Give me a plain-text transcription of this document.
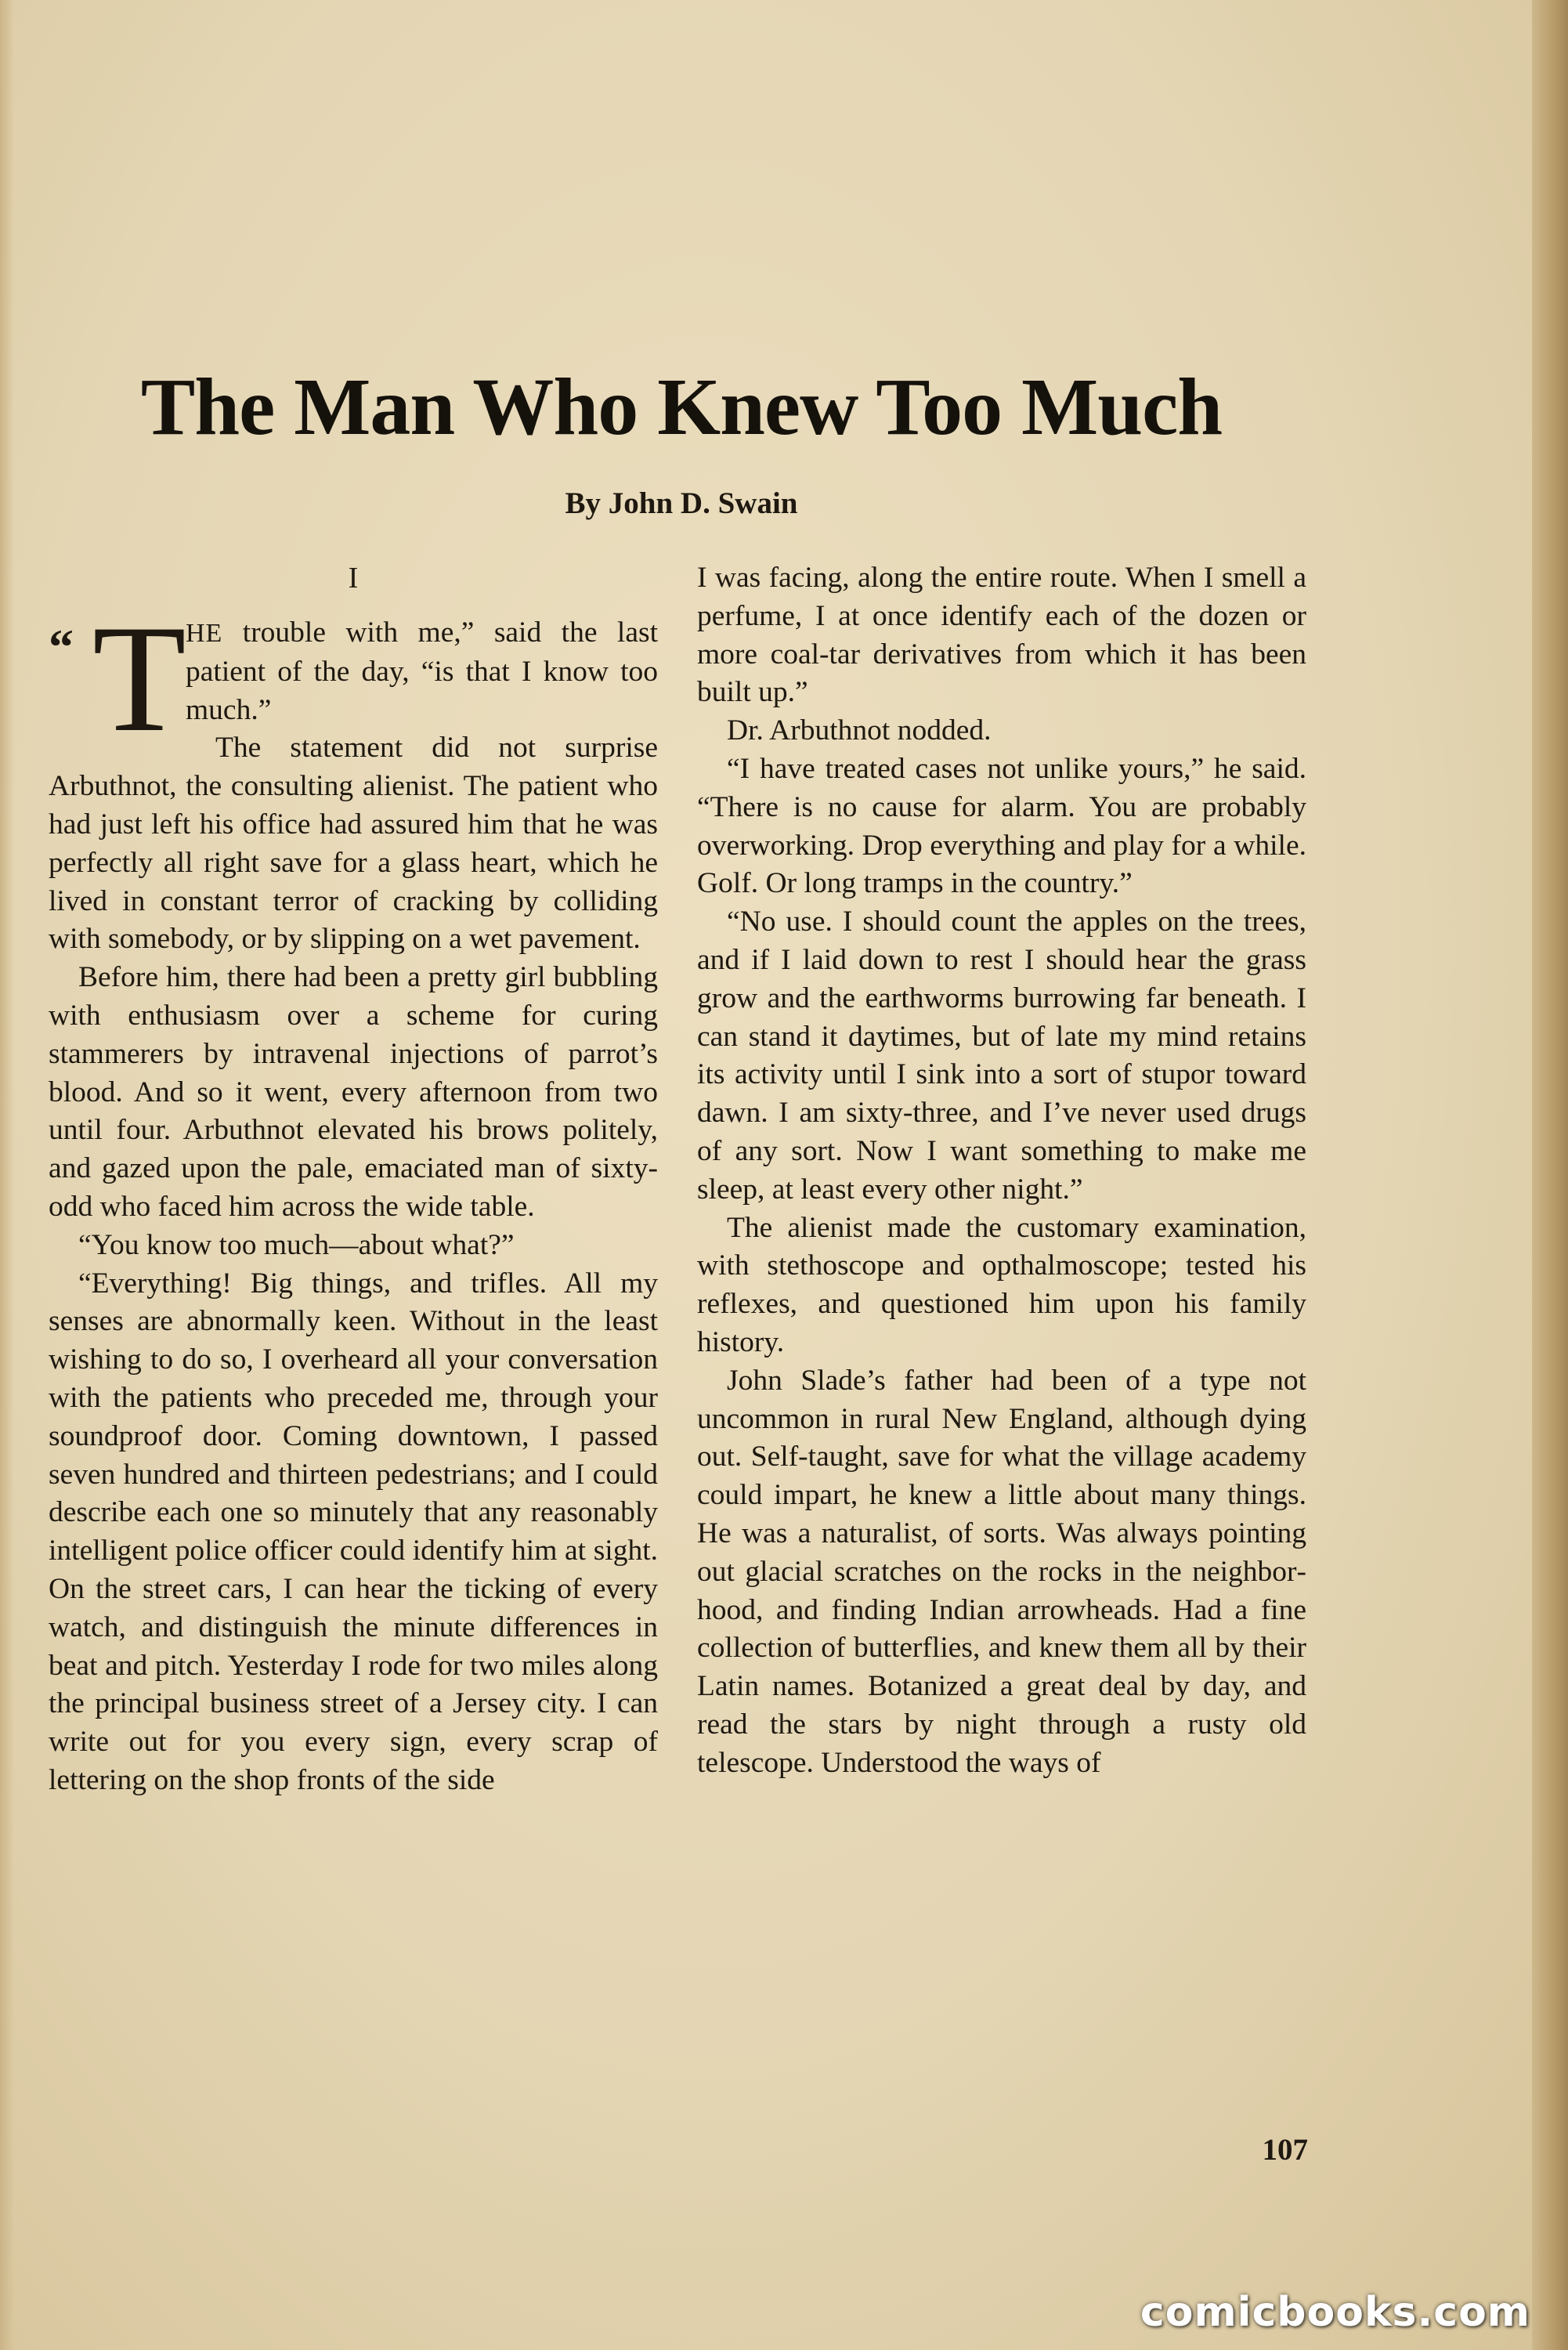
The Man Who Knew Too Much
By John D. Swain
I

“ T HE trouble with me,” said the last patient of the day, “is that I know too much.”

The statement did not surprise Arbuthnot, the consulting alienist. The patient who had just left his office had assured him that he was perfectly all right save for a glass heart, which he lived in constant terror of cracking by colliding with somebody, or by slipping on a wet pavement.

Before him, there had been a pretty girl bubbling with enthusiasm over a scheme for curing stammerers by intravenal injections of parrot’s blood. And so it went, every afternoon from two until four. Arbuthnot elevated his brows politely, and gazed upon the pale, emaciated man of sixty-odd who faced him across the wide table.

“You know too much—about what?”

“Everything! Big things, and trifles. All my senses are abnormally keen. Without in the least wishing to do so, I overheard all your conversation with the patients who preceded me, through your soundproof door. Coming downtown, I passed seven hundred and thirteen pedestrians; and I could describe each one so minutely that any reasonably intelligent police officer could identify him at sight. On the street cars, I can hear the ticking of every watch, and distinguish the minute differences in beat and pitch. Yesterday I rode for two miles along the principal business street of a Jersey city. I can write out for you every sign, every scrap of lettering on the shop fronts of the side

I was facing, along the entire route. When I smell a perfume, I at once identify each of the dozen or more coal-tar derivatives from which it has been built up.”

Dr. Arbuthnot nodded.

“I have treated cases not unlike yours,” he said. “There is no cause for alarm. You are probably overworking. Drop everything and play for a while. Golf. Or long tramps in the country.”

“No use. I should count the apples on the trees, and if I laid down to rest I should hear the grass grow and the earthworms burrowing far beneath. I can stand it daytimes, but of late my mind retains its activity until I sink into a sort of stupor toward dawn. I am sixty-three, and I’ve never used drugs of any sort. Now I want something to make me sleep, at least every other night.”

The alienist made the customary examination, with stethoscope and opthalmoscope; tested his reflexes, and questioned him upon his family history.

John Slade’s father had been of a type not uncommon in rural New England, although dying out. Self-taught, save for what the village academy could impart, he knew a little about many things. He was a naturalist, of sorts. Was always pointing out glacial scratches on the rocks in the neighborhood, and finding Indian arrowheads. Had a fine collection of butterflies, and knew them all by their Latin names. Botanized a great deal by day, and read the stars by night through a rusty old telescope. Understood the ways of

107
comicbooks.com
